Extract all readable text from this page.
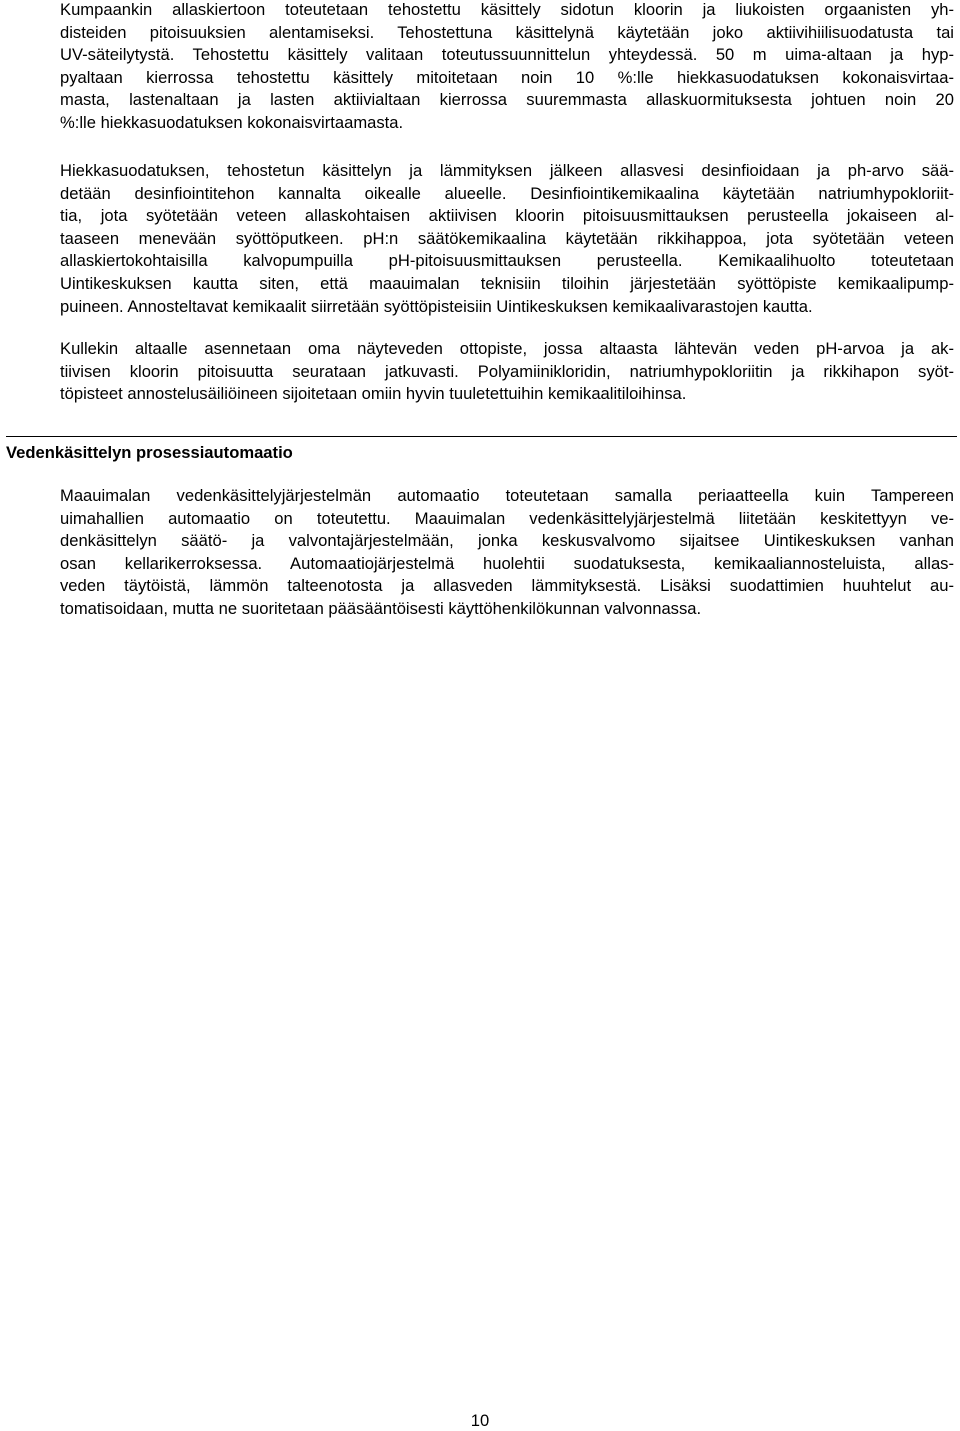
Kumpaankin allaskiertoon toteutetaan tehostettu käsittely sidotun kloorin ja liukoisten orgaanisten yh-
disteiden pitoisuuksien alentamiseksi. Tehostettuna käsittelynä käytetään joko aktiivihiilisuodatusta tai
UV-säteilytystä. Tehostettu käsittely valitaan toteutussuunnittelun yhteydessä. 50 m uima-altaan ja hyp-
pyaltaan kierrossa tehostettu käsittely mitoitetaan noin 10 %:lle hiekkasuodatuksen kokonaisvirtaa-
masta, lastenaltaan ja lasten aktiivialtaan kierrossa suuremmasta allaskuormituksesta johtuen noin 20
%:lle hiekkasuodatuksen kokonaisvirtaamasta.

Hiekkasuodatuksen, tehostetun käsittelyn ja lämmityksen jälkeen allasvesi desinfioidaan ja ph-arvo sää-
detään desinfiointitehon kannalta oikealle alueelle. Desinfiointikemikaalina käytetään natriumhypokloriit-
tia, jota syötetään veteen allaskohtaisen aktiivisen kloorin pitoisuusmittauksen perusteella jokaiseen al-
taaseen menevään syöttöputkeen. pH:n säätökemikaalina käytetään rikkihappoa, jota syötetään veteen
allaskiertokohtaisilla kalvopumpuilla pH-pitoisuusmittauksen perusteella. Kemikaalihuolto toteutetaan
Uintikeskuksen kautta siten, että maauimalan teknisiin tiloihin järjestetään syöttöpiste kemikaalipump-
puineen. Annosteltavat kemikaalit siirretään syöttöpisteisiin Uintikeskuksen kemikaalivarastojen kautta.

Kullekin altaalle asennetaan oma näyteveden ottopiste, jossa altaasta lähtevän veden pH-arvoa ja ak-
tiivisen kloorin pitoisuutta seurataan jatkuvasti. Polyamiinikloridin, natriumhypokloriitin ja rikkihapon syöt-
töpisteet annostelusäiliöineen sijoitetaan omiin hyvin tuuletettuihin kemikaalitiloihinsa.

Vedenkäsittelyn prosessiautomaatio

Maauimalan vedenkäsittelyjärjestelmän automaatio toteutetaan samalla periaatteella kuin Tampereen
uimahallien automaatio on toteutettu. Maauimalan vedenkäsittelyjärjestelmä liitetään keskitettyyn ve-
denkäsittelyn säätö- ja valvontajärjestelmään, jonka keskusvalvomo sijaitsee Uintikeskuksen vanhan
osan kellarikerroksessa. Automaatiojärjestelmä huolehtii suodatuksesta, kemikaaliannosteluista, allas-
veden täytöistä, lämmön talteenotosta ja allasveden lämmityksestä. Lisäksi suodattimien huuhtelut au-
tomatisoidaan, mutta ne suoritetaan pääsääntöisesti käyttöhenkilökunnan valvonnassa.

10
